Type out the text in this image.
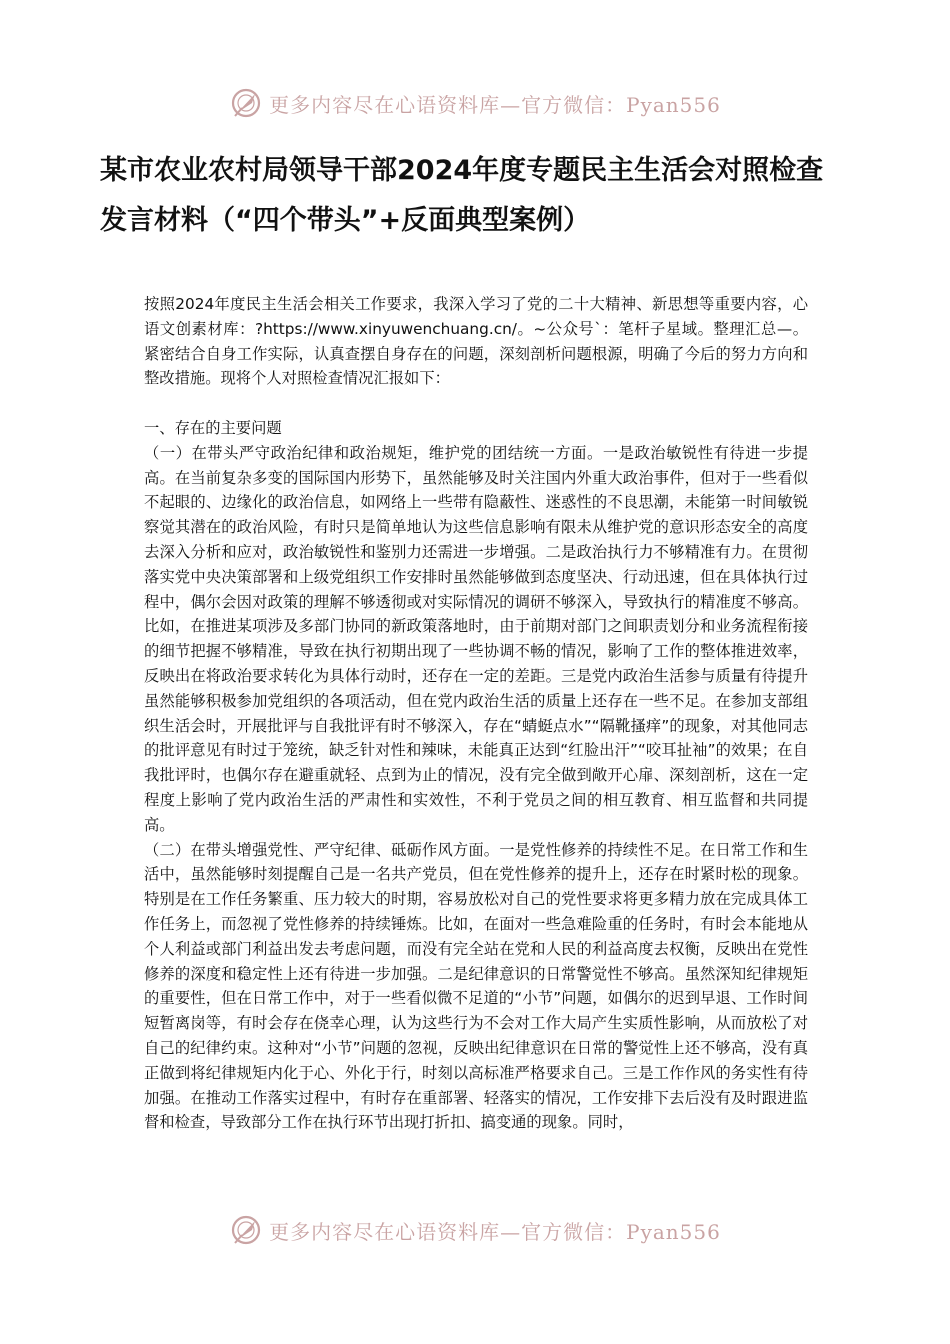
更多内容尽在心语资料库—官方微信：Pyan556
某市农业农村局领导干部2024年度专题民主生活会对照检查发言材料（“四个带头”+反面典型案例）

按照2024年度民主生活会相关工作要求，我深入学习了党的二十大精神、新思想等重要内容，心语文创素材库：?https://www.xinyuwenchuang.cn/。~公众号`：笔杆子星域。整理汇总—。紧密结合自身工作实际，认真查摆自身存在的问题，深刻剖析问题根源，明确了今后的努力方向和整改措施。现将个人对照检查情况汇报如下：

一、存在的主要问题

（一）在带头严守政治纪律和政治规矩，维护党的团结统一方面。一是政治敏锐性有待进一步提高。在当前复杂多变的国际国内形势下，虽然能够及时关注国内外重大政治事件，但对于一些看似不起眼的、边缘化的政治信息，如网络上一些带有隐蔽性、迷惑性的不良思潮，未能第一时间敏锐察觉其潜在的政治风险，有时只是简单地认为这些信息影响有限未从维护党的意识形态安全的高度去深入分析和应对，政治敏锐性和鉴别力还需进一步增强。二是政治执行力不够精准有力。在贯彻落实党中央决策部署和上级党组织工作安排时虽然能够做到态度坚决、行动迅速，但在具体执行过程中，偶尔会因对政策的理解不够透彻或对实际情况的调研不够深入，导致执行的精准度不够高。比如，在推进某项涉及多部门协同的新政策落地时，由于前期对部门之间职责划分和业务流程衔接的细节把握不够精准，导致在执行初期出现了一些协调不畅的情况，影响了工作的整体推进效率，反映出在将政治要求转化为具体行动时，还存在一定的差距。三是党内政治生活参与质量有待提升虽然能够积极参加党组织的各项活动，但在党内政治生活的质量上还存在一些不足。在参加支部组织生活会时，开展批评与自我批评有时不够深入，存在“蜻蜓点水”“隔靴搔痒”的现象，对其他同志的批评意见有时过于笼统，缺乏针对性和辣味，未能真正达到“红脸出汗”“咬耳扯袖”的效果；在自我批评时，也偶尔存在避重就轻、点到为止的情况，没有完全做到敞开心扉、深刻剖析，这在一定程度上影响了党内政治生活的严肃性和实效性，不利于党员之间的相互教育、相互监督和共同提高。

（二）在带头增强党性、严守纪律、砥砺作风方面。一是党性修养的持续性不足。在日常工作和生活中，虽然能够时刻提醒自己是一名共产党员，但在党性修养的提升上，还存在时紧时松的现象。特别是在工作任务繁重、压力较大的时期，容易放松对自己的党性要求将更多精力放在完成具体工作任务上，而忽视了党性修养的持续锤炼。比如，在面对一些急难险重的任务时，有时会本能地从个人利益或部门利益出发去考虑问题，而没有完全站在党和人民的利益高度去权衡，反映出在党性修养的深度和稳定性上还有待进一步加强。二是纪律意识的日常警觉性不够高。虽然深知纪律规矩的重要性，但在日常工作中，对于一些看似微不足道的“小节”问题，如偶尔的迟到早退、工作时间短暂离岗等，有时会存在侥幸心理，认为这些行为不会对工作大局产生实质性影响，从而放松了对自己的纪律约束。这种对“小节”问题的忽视，反映出纪律意识在日常的警觉性上还不够高，没有真正做到将纪律规矩内化于心、外化于行，时刻以高标准严格要求自己。三是工作作风的务实性有待加强。在推动工作落实过程中，有时存在重部署、轻落实的情况，工作安排下去后没有及时跟进监督和检查，导致部分工作在执行环节出现打折扣、搞变通的现象。同时，

更多内容尽在心语资料库—官方微信：Pyan556
